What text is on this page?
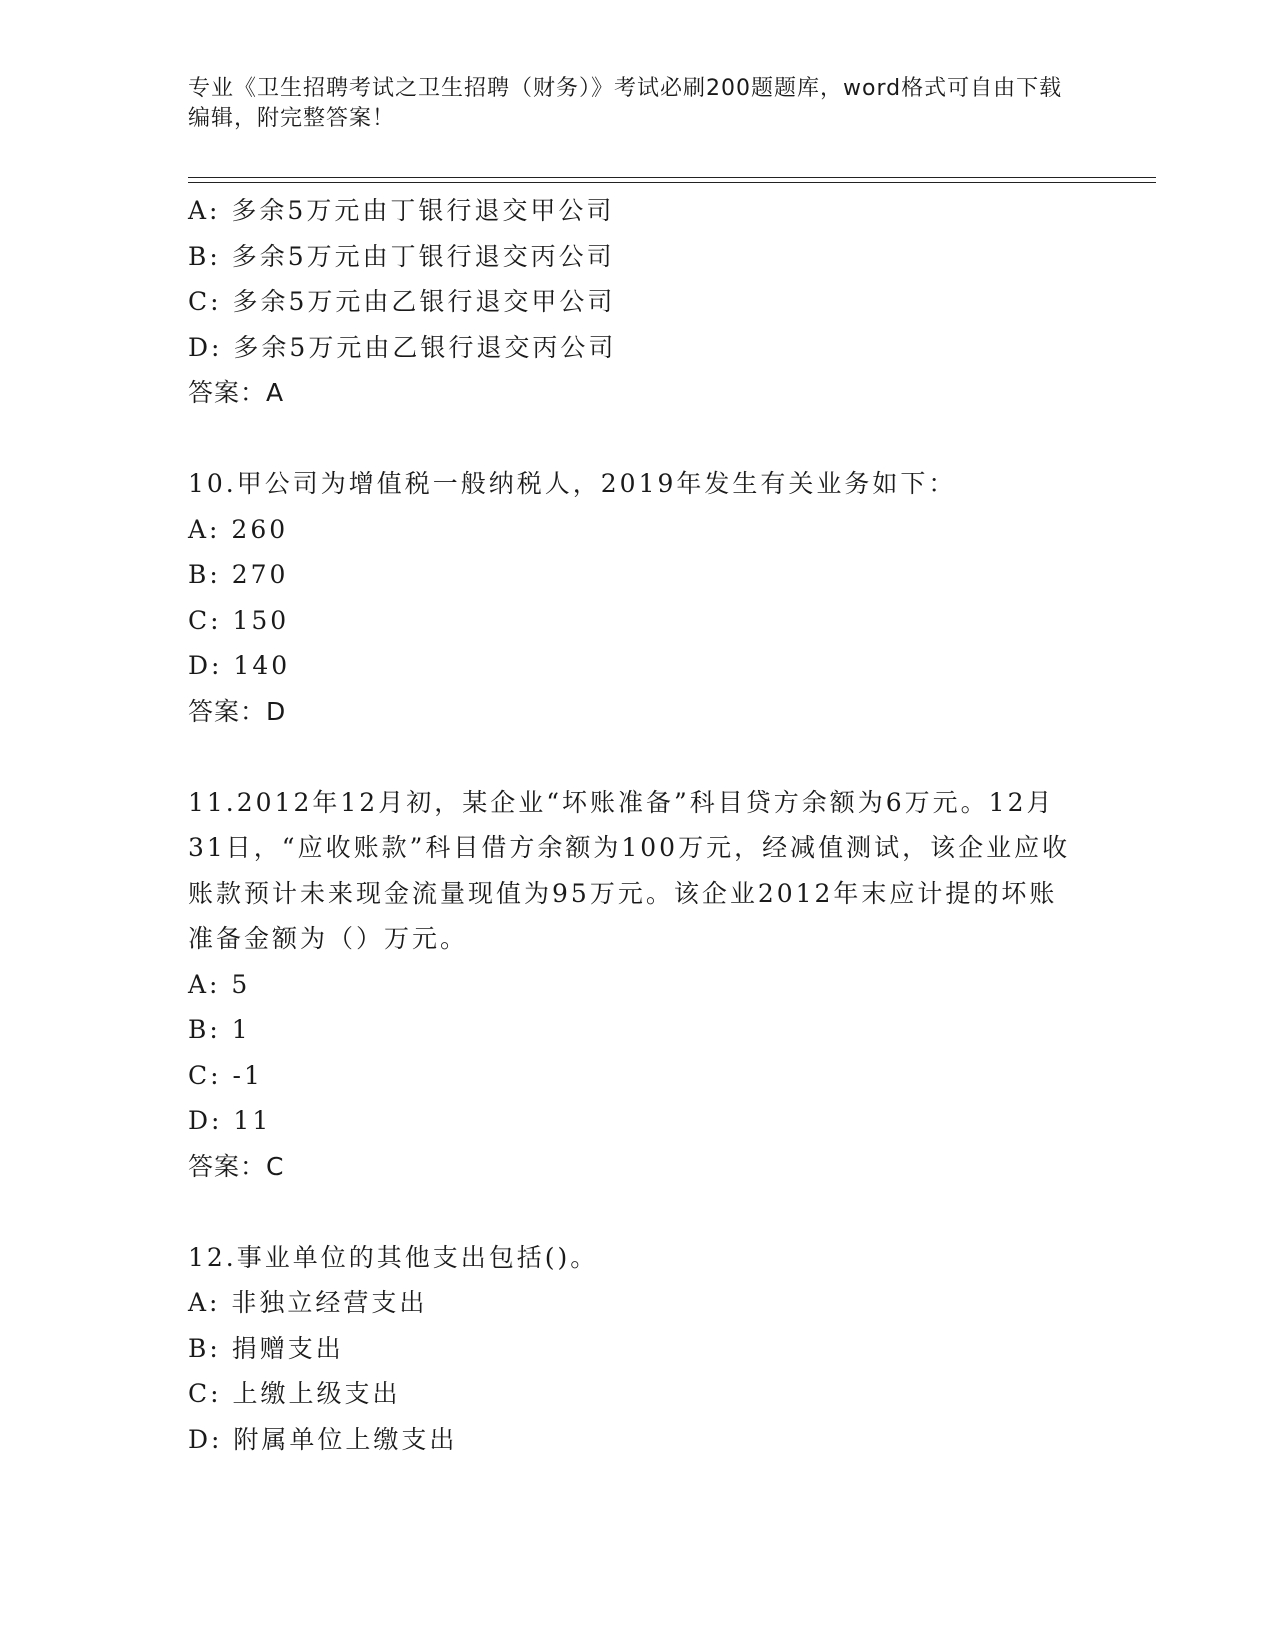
专业《卫生招聘考试之卫生招聘（财务）》考试必刷200题题库，word格式可自由下载编辑，附完整答案！
A: 多余5万元由丁银行退交甲公司
B: 多余5万元由丁银行退交丙公司
C: 多余5万元由乙银行退交甲公司
D: 多余5万元由乙银行退交丙公司
答案：A
10.甲公司为增值税一般纳税人，2019年发生有关业务如下：
A: 260
B: 270
C: 150
D: 140
答案：D
11.2012年12月初，某企业“坏账准备”科目贷方余额为6万元。12月31日，“应收账款”科目借方余额为100万元，经减值测试，该企业应收账款预计未来现金流量现值为95万元。该企业2012年末应计提的坏账准备金额为（）万元。
A: 5
B: 1
C: -1
D: 11
答案：C
12.事业单位的其他支出包括()。
A: 非独立经营支出
B: 捐赠支出
C: 上缴上级支出
D: 附属单位上缴支出
